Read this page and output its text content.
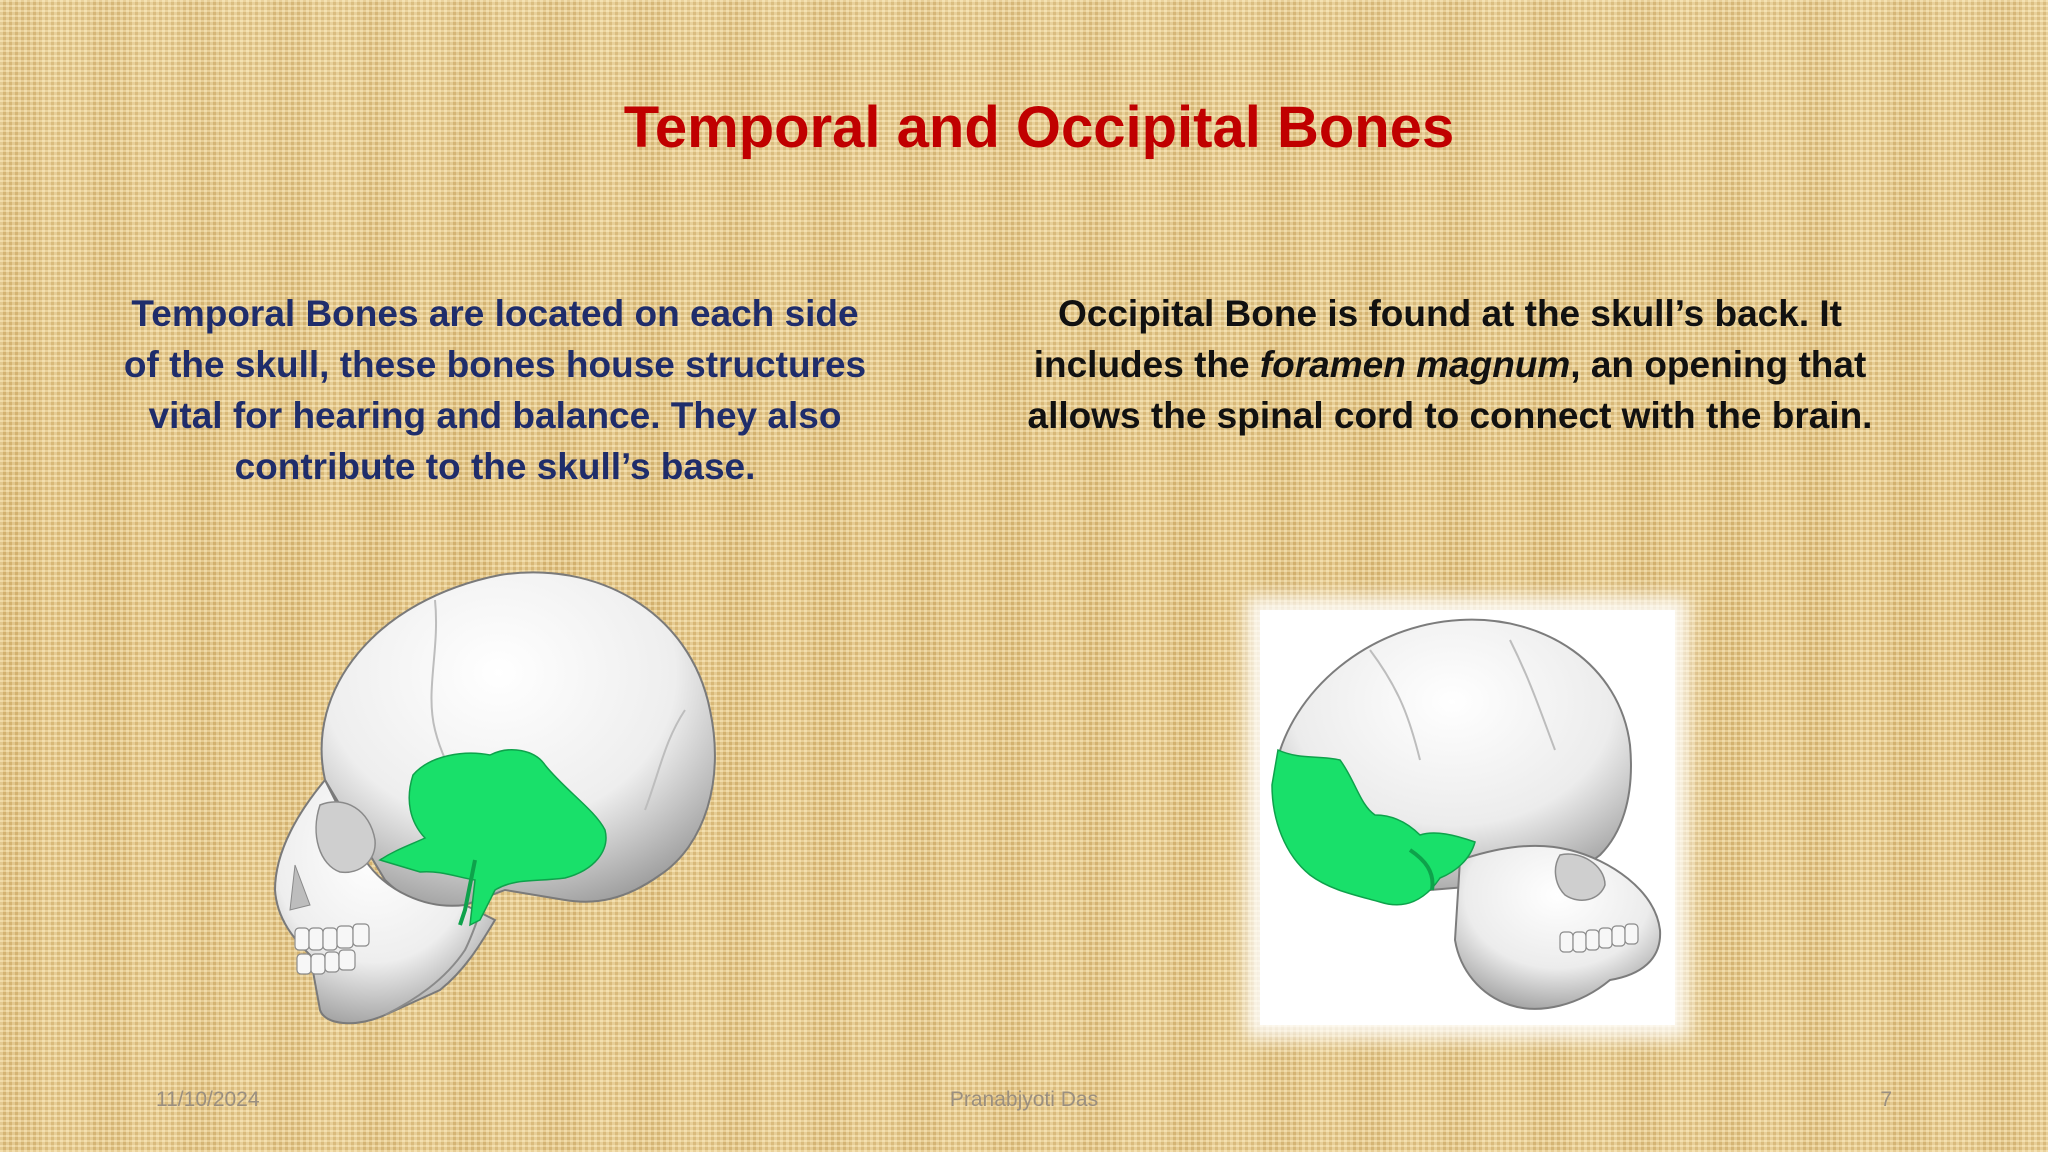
Temporal and Occipital Bones
Temporal Bones are located on each side of the skull, these bones house structures vital for hearing and balance. They also contribute to the skull’s base.
Occipital Bone is found at the skull’s back. It includes the foramen magnum, an opening that allows the spinal cord to connect with the brain.
11/10/2024	Pranabjyoti Das	7
